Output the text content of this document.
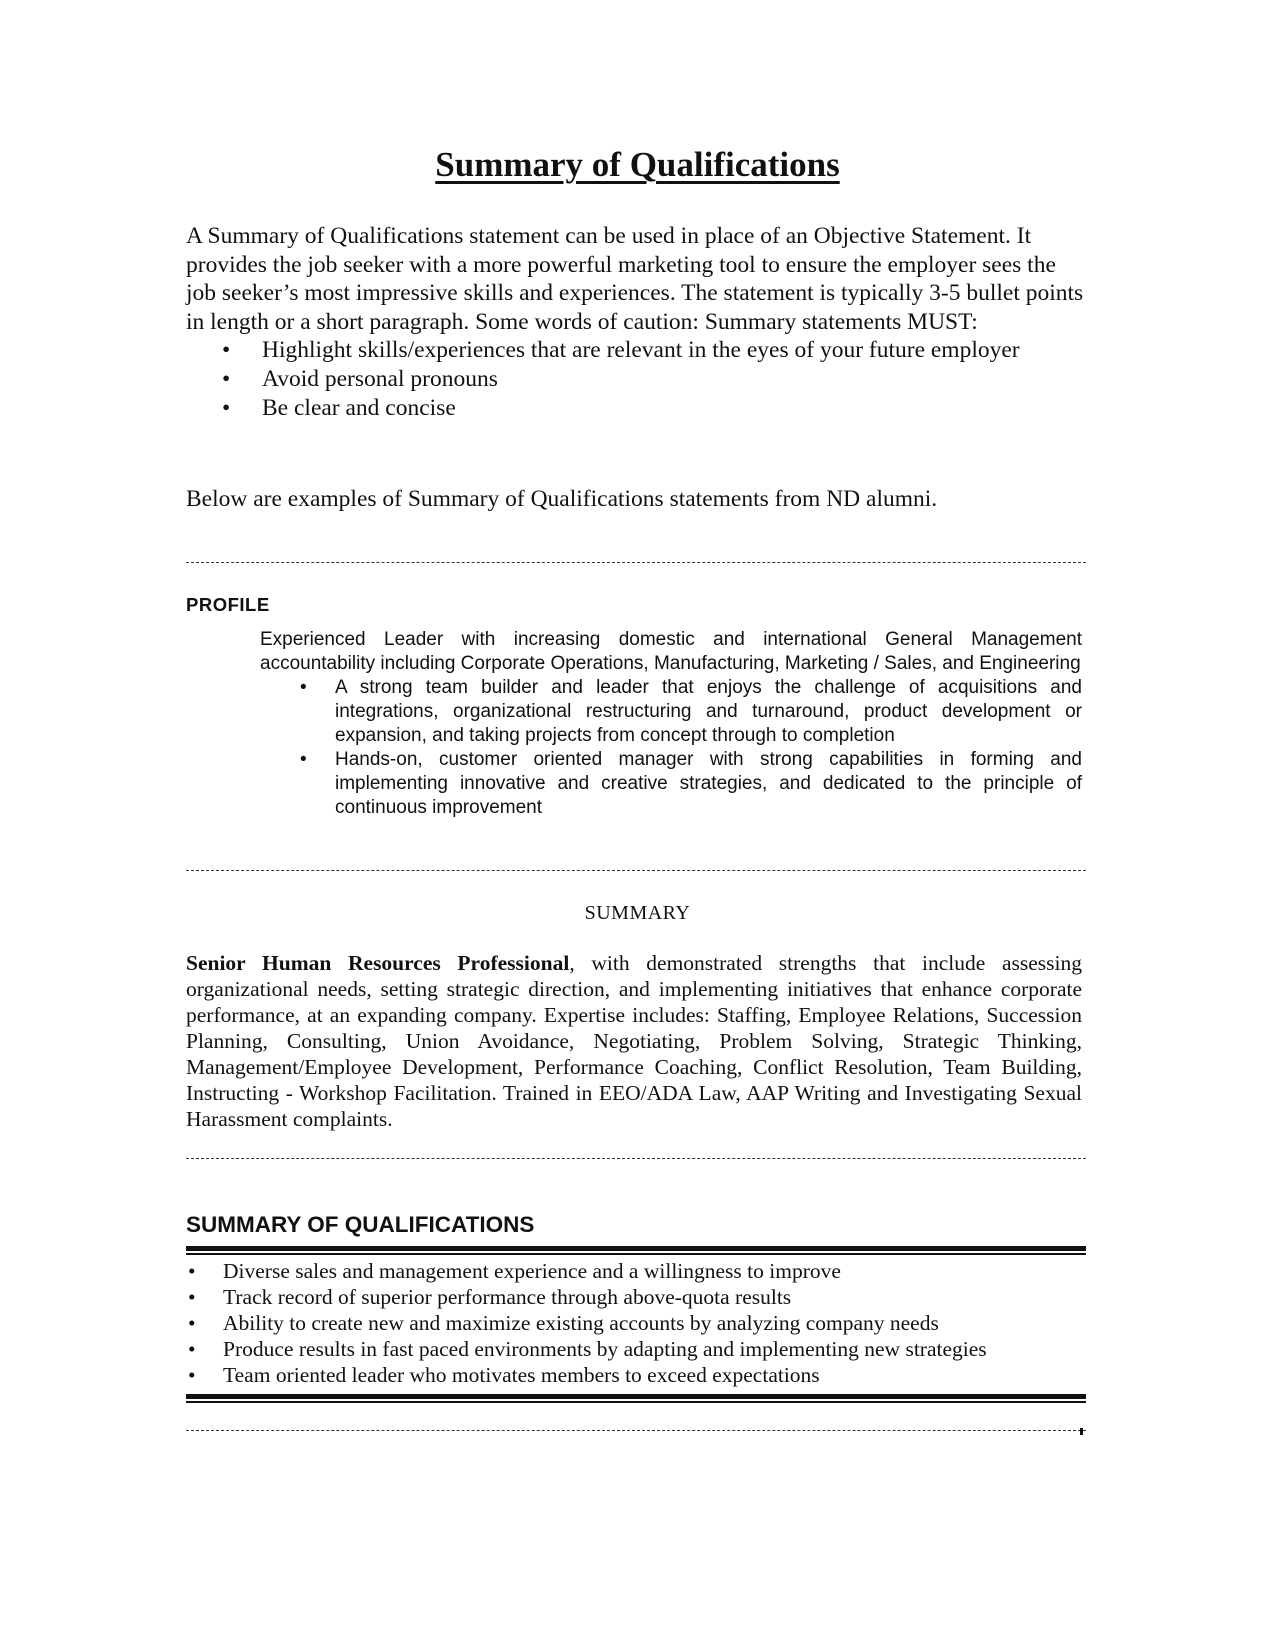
Summary of Qualifications

A Summary of Qualifications statement can be used in place of an Objective Statement. It provides the job seeker with a more powerful marketing tool to ensure the employer sees the job seeker’s most impressive skills and experiences. The statement is typically 3-5 bullet points in length or a short paragraph. Some words of caution: Summary statements MUST:

• Highlight skills/experiences that are relevant in the eyes of your future employer
• Avoid personal pronouns
• Be clear and concise
Below are examples of Summary of Qualifications statements from ND alumni.
PROFILE

Experienced Leader with increasing domestic and international General Management accountability including Corporate Operations, Manufacturing, Marketing / Sales, and Engineering

• A strong team builder and leader that enjoys the challenge of acquisitions and integrations, organizational restructuring and turnaround, product development or expansion, and taking projects from concept through to completion
• Hands-on, customer oriented manager with strong capabilities in forming and implementing innovative and creative strategies, and dedicated to the principle of continuous improvement
SUMMARY
Senior Human Resources Professional, with demonstrated strengths that include assessing organizational needs, setting strategic direction, and implementing initiatives that enhance corporate performance, at an expanding company. Expertise includes: Staffing, Employee Relations, Succession Planning, Consulting, Union Avoidance, Negotiating, Problem Solving, Strategic Thinking, Management/Employee Development, Performance Coaching, Conflict Resolution, Team Building, Instructing - Workshop Facilitation. Trained in EEO/ADA Law, AAP Writing and Investigating Sexual Harassment complaints.
SUMMARY OF QUALIFICATIONS
• Diverse sales and management experience and a willingness to improve
• Track record of superior performance through above-quota results
• Ability to create new and maximize existing accounts by analyzing company needs
• Produce results in fast paced environments by adapting and implementing new strategies
• Team oriented leader who motivates members to exceed expectations
